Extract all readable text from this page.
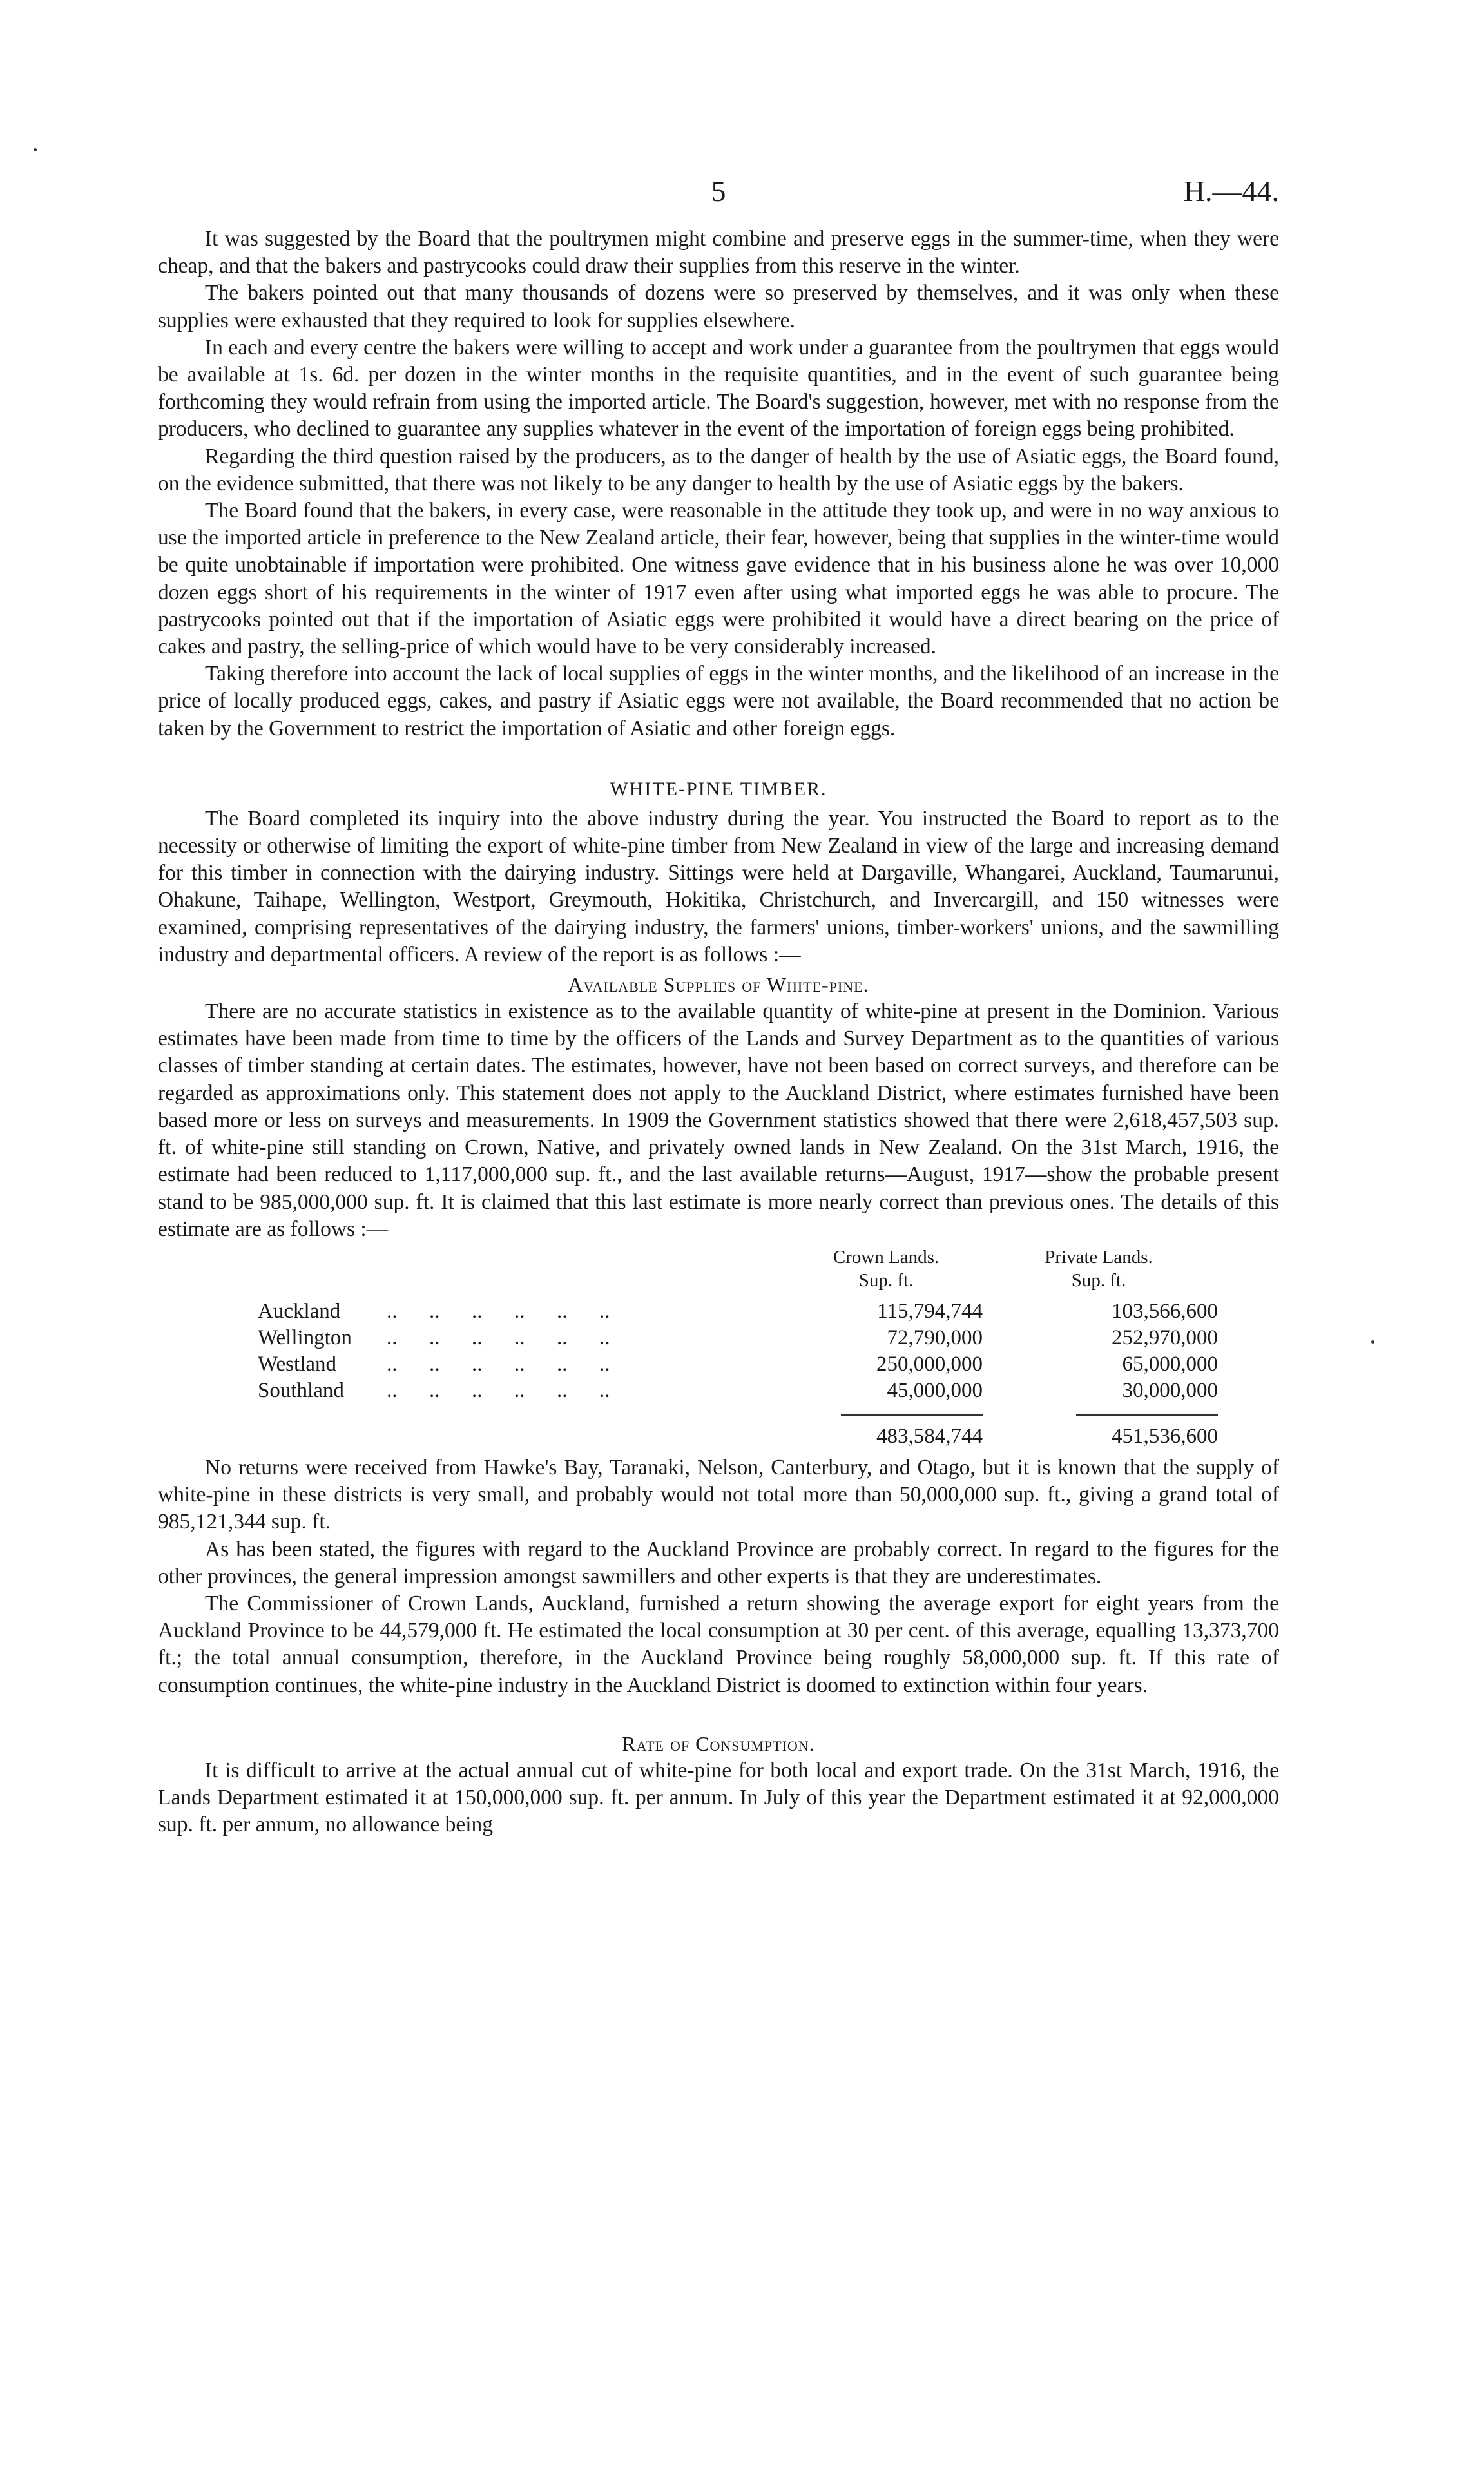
5	H.—44.

It was suggested by the Board that the poultrymen might combine and preserve eggs in the summer-time, when they were cheap, and that the bakers and pastrycooks could draw their supplies from this reserve in the winter.

The bakers pointed out that many thousands of dozens were so preserved by themselves, and it was only when these supplies were exhausted that they required to look for supplies elsewhere.

In each and every centre the bakers were willing to accept and work under a guarantee from the poultrymen that eggs would be available at 1s. 6d. per dozen in the winter months in the requisite quantities, and in the event of such guarantee being forthcoming they would refrain from using the imported article. The Board's suggestion, however, met with no response from the producers, who declined to guarantee any supplies whatever in the event of the importation of foreign eggs being prohibited.

Regarding the third question raised by the producers, as to the danger of health by the use of Asiatic eggs, the Board found, on the evidence submitted, that there was not likely to be any danger to health by the use of Asiatic eggs by the bakers.

The Board found that the bakers, in every case, were reasonable in the attitude they took up, and were in no way anxious to use the imported article in preference to the New Zealand article, their fear, however, being that supplies in the winter-time would be quite unobtainable if importation were prohibited. One witness gave evidence that in his business alone he was over 10,000 dozen eggs short of his requirements in the winter of 1917 even after using what imported eggs he was able to procure. The pastrycooks pointed out that if the importation of Asiatic eggs were prohibited it would have a direct bearing on the price of cakes and pastry, the selling-price of which would have to be very considerably increased.

Taking therefore into account the lack of local supplies of eggs in the winter months, and the likelihood of an increase in the price of locally produced eggs, cakes, and pastry if Asiatic eggs were not available, the Board recommended that no action be taken by the Government to restrict the importation of Asiatic and other foreign eggs.

WHITE-PINE TIMBER.

The Board completed its inquiry into the above industry during the year. You instructed the Board to report as to the necessity or otherwise of limiting the export of white-pine timber from New Zealand in view of the large and increasing demand for this timber in connection with the dairying industry. Sittings were held at Dargaville, Whangarei, Auckland, Taumarunui, Ohakune, Taihape, Wellington, Westport, Greymouth, Hokitika, Christchurch, and Invercargill, and 150 witnesses were examined, comprising representatives of the dairying industry, the farmers' unions, timber-workers' unions, and the sawmilling industry and departmental officers. A review of the report is as follows :—

Available Supplies of White-pine.

There are no accurate statistics in existence as to the available quantity of white-pine at present in the Dominion. Various estimates have been made from time to time by the officers of the Lands and Survey Department as to the quantities of various classes of timber standing at certain dates. The estimates, however, have not been based on correct surveys, and therefore can be regarded as approximations only. This statement does not apply to the Auckland District, where estimates furnished have been based more or less on surveys and measurements. In 1909 the Government statistics showed that there were 2,618,457,503 sup. ft. of white-pine still standing on Crown, Native, and privately owned lands in New Zealand. On the 31st March, 1916, the estimate had been reduced to 1,117,000,000 sup. ft., and the last available returns—August, 1917—show the probable present stand to be 985,000,000 sup. ft. It is claimed that this last estimate is more nearly correct than previous ones. The details of this estimate are as follows :—

Crown Lands.
Sup. ft.
Private Lands.
Sup. ft.
Auckland ..      ..      ..      ..      ..      ..	115,794,744	103,566,600
Wellington ..      ..      ..      ..      ..      ..	72,790,000	252,970,000
Westland ..      ..      ..      ..      ..      ..	250,000,000	65,000,000
Southland ..      ..      ..      ..      ..      ..	45,000,000	30,000,000
483,584,744	451,536,600

No returns were received from Hawke's Bay, Taranaki, Nelson, Canterbury, and Otago, but it is known that the supply of white-pine in these districts is very small, and probably would not total more than 50,000,000 sup. ft., giving a grand total of 985,121,344 sup. ft.

As has been stated, the figures with regard to the Auckland Province are probably correct. In regard to the figures for the other provinces, the general impression amongst sawmillers and other experts is that they are underestimates.

The Commissioner of Crown Lands, Auckland, furnished a return showing the average export for eight years from the Auckland Province to be 44,579,000 ft. He estimated the local consumption at 30 per cent. of this average, equalling 13,373,700 ft.; the total annual consumption, therefore, in the Auckland Province being roughly 58,000,000 sup. ft. If this rate of consumption continues, the white-pine industry in the Auckland District is doomed to extinction within four years.

Rate of Consumption.

It is difficult to arrive at the actual annual cut of white-pine for both local and export trade. On the 31st March, 1916, the Lands Department estimated it at 150,000,000 sup. ft. per annum. In July of this year the Department estimated it at 92,000,000 sup. ft. per annum, no allowance being
